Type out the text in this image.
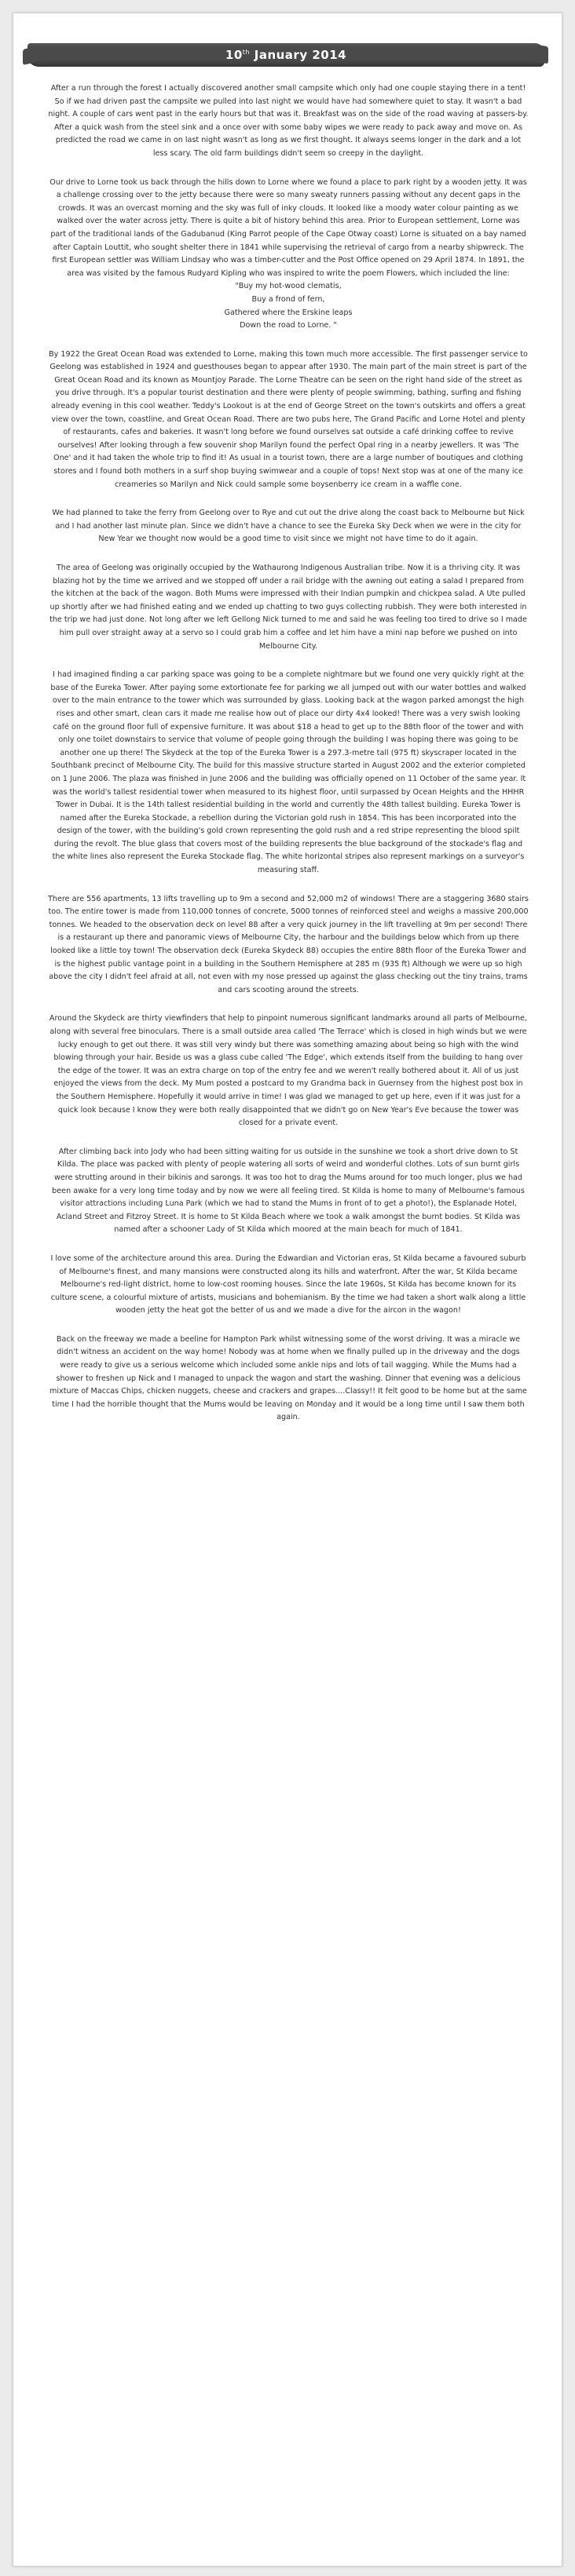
10th January 2014

After a run through the forest I actually discovered another small campsite which only had one couple staying there in a tent! So if we had driven past the campsite we pulled into last night we would have had somewhere quiet to stay. It wasn't a bad night. A couple of cars went past in the early hours but that was it. Breakfast was on the side of the road waving at passers-by. After a quick wash from the steel sink and a once over with some baby wipes we were ready to pack away and move on. As predicted the road we came in on last night wasn't as long as we first thought. It always seems longer in the dark and a lot less scary. The old farm buildings didn't seem so creepy in the daylight.

Our drive to Lorne took us back through the hills down to Lorne where we found a place to park right by a wooden jetty. It was a challenge crossing over to the jetty because there were so many sweaty runners passing without any decent gaps in the crowds. It was an overcast morning and the sky was full of inky clouds. It looked like a moody water colour painting as we walked over the water across jetty. There is quite a bit of history behind this area. Prior to European settlement, Lorne was part of the traditional lands of the Gadubanud (King Parrot people of the Cape Otway coast) Lorne is situated on a bay named after Captain Louttit, who sought shelter there in 1841 while supervising the retrieval of cargo from a nearby shipwreck. The first European settler was William Lindsay who was a timber-cutter and the Post Office opened on 29 April 1874. In 1891, the area was visited by the famous Rudyard Kipling who was inspired to write the poem Flowers, which included the line:

"Buy my hot-wood clematis,
Buy a frond of fern,
Gathered where the Erskine leaps
Down the road to Lorne. "

By 1922 the Great Ocean Road was extended to Lorne, making this town much more accessible. The first passenger service to Geelong was established in 1924 and guesthouses began to appear after 1930. The main part of the main street is part of the Great Ocean Road and its known as Mountjoy Parade. The Lorne Theatre can be seen on the right hand side of the street as you drive through. It's a popular tourist destination and there were plenty of people swimming, bathing, surfing and fishing already evening in this cool weather. Teddy's Lookout is at the end of George Street on the town's outskirts and offers a great view over the town, coastline, and Great Ocean Road. There are two pubs here, The Grand Pacific and Lorne Hotel and plenty of restaurants, cafes and bakeries. It wasn't long before we found ourselves sat outside a café drinking coffee to revive ourselves! After looking through a few souvenir shop Marilyn found the perfect Opal ring in a nearby jewellers. It was 'The One' and it had taken the whole trip to find it! As usual in a tourist town, there are a large number of boutiques and clothing stores and I found both mothers in a surf shop buying swimwear and a couple of tops! Next stop was at one of the many ice creameries so Marilyn and Nick could sample some boysenberry ice cream in a waffle cone.

We had planned to take the ferry from Geelong over to Rye and cut out the drive along the coast back to Melbourne but Nick and I had another last minute plan. Since we didn't have a chance to see the Eureka Sky Deck when we were in the city for New Year we thought now would be a good time to visit since we might not have time to do it again.

The area of Geelong was originally occupied by the Wathaurong Indigenous Australian tribe. Now it is a thriving city. It was blazing hot by the time we arrived and we stopped off under a rail bridge with the awning out eating a salad I prepared from the kitchen at the back of the wagon. Both Mums were impressed with their Indian pumpkin and chickpea salad. A Ute pulled up shortly after we had finished eating and we ended up chatting to two guys collecting rubbish. They were both interested in the trip we had just done. Not long after we left Gellong Nick turned to me and said he was feeling too tired to drive so I made him pull over straight away at a servo so I could grab him a coffee and let him have a mini nap before we pushed on into Melbourne City.

I had imagined finding a car parking space was going to be a complete nightmare but we found one very quickly right at the base of the Eureka Tower. After paying some extortionate fee for parking we all jumped out with our water bottles and walked over to the main entrance to the tower which was surrounded by glass. Looking back at the wagon parked amongst the high rises and other smart, clean cars it made me realise how out of place our dirty 4x4 looked! There was a very swish looking café on the ground floor full of expensive furniture. It was about $18 a head to get up to the 88th floor of the tower and with only one toilet downstairs to service that volume of people going through the building I was hoping there was going to be another one up there! The Skydeck at the top of the Eureka Tower is a 297.3-metre tall (975 ft) skyscraper located in the Southbank precinct of Melbourne City. The build for this massive structure started in August 2002 and the exterior completed on 1 June 2006. The plaza was finished in June 2006 and the building was officially opened on 11 October of the same year. It was the world's tallest residential tower when measured to its highest floor, until surpassed by Ocean Heights and the HHHR Tower in Dubai. It is the 14th tallest residential building in the world and currently the 48th tallest building. Eureka Tower is named after the Eureka Stockade, a rebellion during the Victorian gold rush in 1854. This has been incorporated into the design of the tower, with the building's gold crown representing the gold rush and a red stripe representing the blood spilt during the revolt. The blue glass that covers most of the building represents the blue background of the stockade's flag and the white lines also represent the Eureka Stockade flag. The white horizontal stripes also represent markings on a surveyor's measuring staff.

There are 556 apartments, 13 lifts travelling up to 9m a second and 52,000 m2 of windows! There are a staggering 3680 stairs too. The entire tower is made from 110,000 tonnes of concrete, 5000 tonnes of reinforced steel and weighs a massive 200,000 tonnes. We headed to the observation deck on level 88 after a very quick journey in the lift travelling at 9m per second! There is a restaurant up there and panoramic views of Melbourne City, the harbour and the buildings below which from up there looked like a little toy town! The observation deck (Eureka Skydeck 88) occupies the entire 88th floor of the Eureka Tower and is the highest public vantage point in a building in the Southern Hemisphere at 285 m (935 ft) Although we were up so high above the city I didn't feel afraid at all, not even with my nose pressed up against the glass checking out the tiny trains, trams and cars scooting around the streets.

Around the Skydeck are thirty viewfinders that help to pinpoint numerous significant landmarks around all parts of Melbourne, along with several free binoculars. There is a small outside area called 'The Terrace' which is closed in high winds but we were lucky enough to get out there. It was still very windy but there was something amazing about being so high with the wind blowing through your hair. Beside us was a glass cube called 'The Edge', which extends itself from the building to hang over the edge of the tower. It was an extra charge on top of the entry fee and we weren't really bothered about it. All of us just enjoyed the views from the deck. My Mum posted a postcard to my Grandma back in Guernsey from the highest post box in the Southern Hemisphere. Hopefully it would arrive in time! I was glad we managed to get up here, even if it was just for a quick look because I know they were both really disappointed that we didn't go on New Year's Eve because the tower was closed for a private event.

After climbing back into Jody who had been sitting waiting for us outside in the sunshine we took a short drive down to St Kilda. The place was packed with plenty of people watering all sorts of weird and wonderful clothes. Lots of sun burnt girls were strutting around in their bikinis and sarongs. It was too hot to drag the Mums around for too much longer, plus we had been awake for a very long time today and by now we were all feeling tired. St Kilda is home to many of Melbourne's famous visitor attractions including Luna Park (which we had to stand the Mums in front of to get a photo!), the Esplanade Hotel, Acland Street and Fitzroy Street. It is home to St Kilda Beach where we took a walk amongst the burnt bodies. St Kilda was named after a schooner Lady of St Kilda which moored at the main beach for much of 1841.

I love some of the architecture around this area. During the Edwardian and Victorian eras, St Kilda became a favoured suburb of Melbourne's finest, and many mansions were constructed along its hills and waterfront. After the war, St Kilda became Melbourne's red-light district, home to low-cost rooming houses. Since the late 1960s, St Kilda has become known for its culture scene, a colourful mixture of artists, musicians and bohemianism. By the time we had taken a short walk along a little wooden jetty the heat got the better of us and we made a dive for the aircon in the wagon!

Back on the freeway we made a beeline for Hampton Park whilst witnessing some of the worst driving. It was a miracle we didn't witness an accident on the way home! Nobody was at home when we finally pulled up in the driveway and the dogs were ready to give us a serious welcome which included some ankle nips and lots of tail wagging. While the Mums had a shower to freshen up Nick and I managed to unpack the wagon and start the washing. Dinner that evening was a delicious mixture of Maccas Chips, chicken nuggets, cheese and crackers and grapes....Classy!! It felt good to be home but at the same time I had the horrible thought that the Mums would be leaving on Monday and it would be a long time until I saw them both again.
